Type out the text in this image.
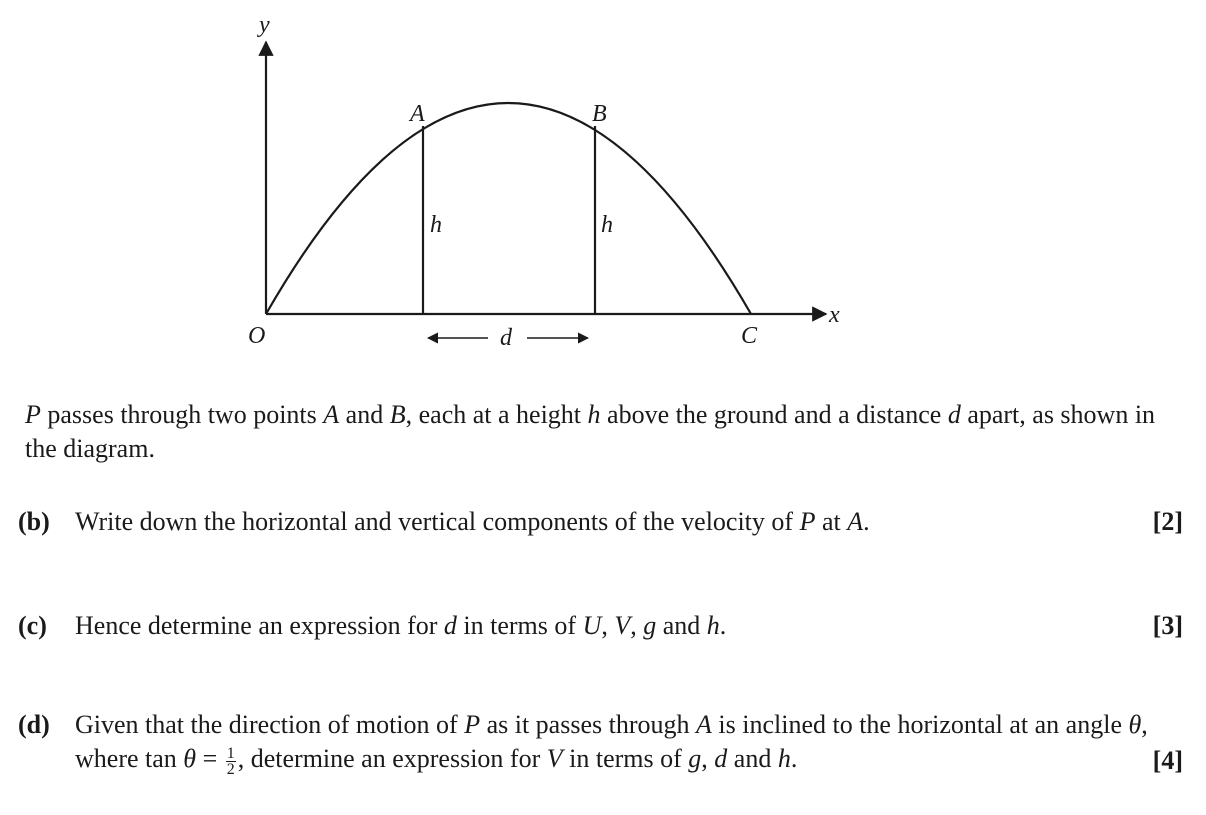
y
x
O
A	B
C
h	h
d
P passes through two points A and B, each at a height h above the ground and a distance d apart, as shown in the diagram.
(b) Write down the horizontal and vertical components of the velocity of P at A.	[2]
(c) Hence determine an expression for d in terms of U, V, g and h.	[3]
(d) Given that the direction of motion of P as it passes through A is inclined to the horizontal at an angle θ, where $\tan \theta = \frac{1}{2}$ , determine an expression for V in terms of g, d and h.	[4]
